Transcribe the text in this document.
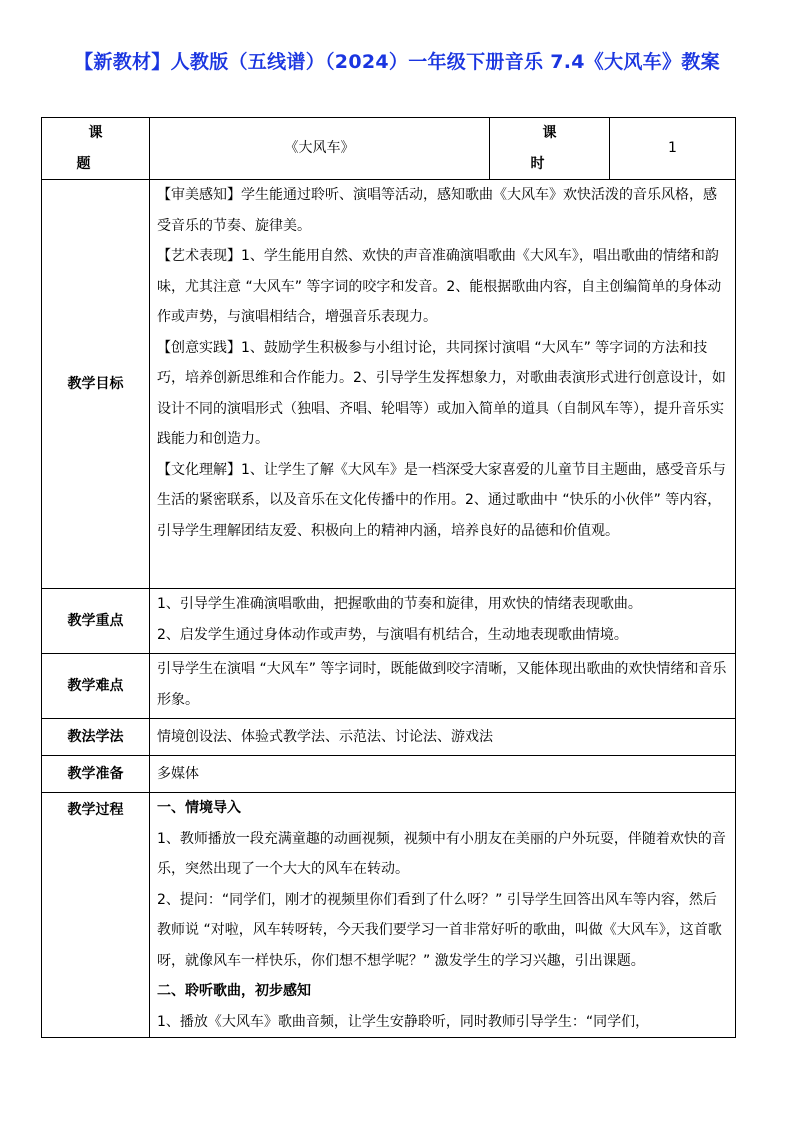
【新教材】人教版（五线谱）（2024）一年级下册音乐 7.4《大风车》教案
课　题	《大风车》	课　时	1
教学目标	【审美感知】学生能通过聆听、演唱等活动，感知歌曲《大风车》欢快活泼的音乐风格，感受音乐的节奏、旋律美。

【艺术表现】1、学生能用自然、欢快的声音准确演唱歌曲《大风车》，唱出歌曲的情绪和韵味，尤其注意 “大风车” 等字词的咬字和发音。2、能根据歌曲内容，自主创编简单的身体动作或声势，与演唱相结合，增强音乐表现力。

【创意实践】1、鼓励学生积极参与小组讨论，共同探讨演唱 “大风车” 等字词的方法和技巧，培养创新思维和合作能力。2、引导学生发挥想象力，对歌曲表演形式进行创意设计，如设计不同的演唱形式（独唱、齐唱、轮唱等）或加入简单的道具（自制风车等），提升音乐实践能力和创造力。

【文化理解】1、让学生了解《大风车》是一档深受大家喜爱的儿童节目主题曲，感受音乐与生活的紧密联系，以及音乐在文化传播中的作用。2、通过歌曲中 “快乐的小伙伴” 等内容，引导学生理解团结友爱、积极向上的精神内涵，培养良好的品德和价值观。		

教学重点	1、引导学生准确演唱歌曲，把握歌曲的节奏和旋律，用欢快的情绪表现歌曲。

2、启发学生通过身体动作或声势，与演唱有机结合，生动地表现歌曲情境。		

教学难点	引导学生在演唱 “大风车” 等字词时，既能做到咬字清晰，又能体现出歌曲的欢快情绪和音乐形象。		

教法学法	情境创设法、体验式教学法、示范法、讨论法、游戏法		

教学准备	多媒体		

教学过程	一、情境导入

1、教师播放一段充满童趣的动画视频，视频中有小朋友在美丽的户外玩耍，伴随着欢快的音乐，突然出现了一个大大的风车在转动。

2、提问：“同学们，刚才的视频里你们看到了什么呀？” 引导学生回答出风车等内容，然后教师说 “对啦，风车转呀转，今天我们要学习一首非常好听的歌曲，叫做《大风车》，这首歌呀，就像风车一样快乐，你们想不想学呢？” 激发学生的学习兴趣，引出课题。

二、聆听歌曲，初步感知

1、播放《大风车》歌曲音频，让学生安静聆听，同时教师引导学生：“同学们，		
